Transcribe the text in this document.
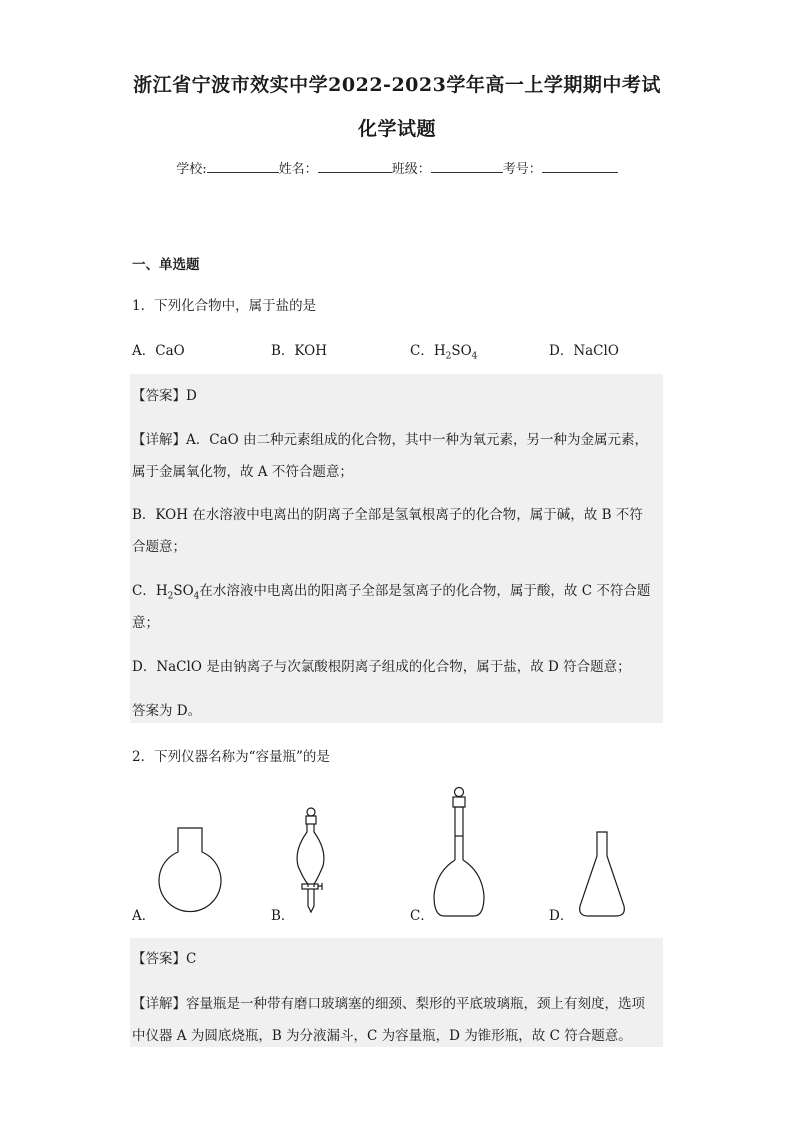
浙江省宁波市效实中学2022-2023学年高一上学期期中考试
化学试题
学校:	姓名：	班级：	考号：
一、单选题
1．下列化合物中，属于盐的是
A．CaO	B．KOH	C．$H_2SO_4$	D．NaClO
【答案】D
【详解】A．CaO 由二种元素组成的化合物，其中一种为氧元素，另一种为金属元素，
属于金属氧化物，故 A 不符合题意；
B．KOH 在水溶液中电离出的阴离子全部是氢氧根离子的化合物，属于碱，故 B 不符
合题意；
C．$H_2SO_4$在水溶液中电离出的阳离子全部是氢离子的化合物，属于酸，故 C 不符合题
意；
D．NaClO 是由钠离子与次氯酸根阴离子组成的化合物，属于盐，故 D 符合题意；
答案为 D。
2．下列仪器名称为“容量瓶”的是
A．	B．	C．	D．
【答案】C
【详解】容量瓶是一种带有磨口玻璃塞的细颈、梨形的平底玻璃瓶，颈上有刻度，选项
中仪器 A 为圆底烧瓶，B 为分液漏斗，C 为容量瓶，D 为锥形瓶，故 C 符合题意。
